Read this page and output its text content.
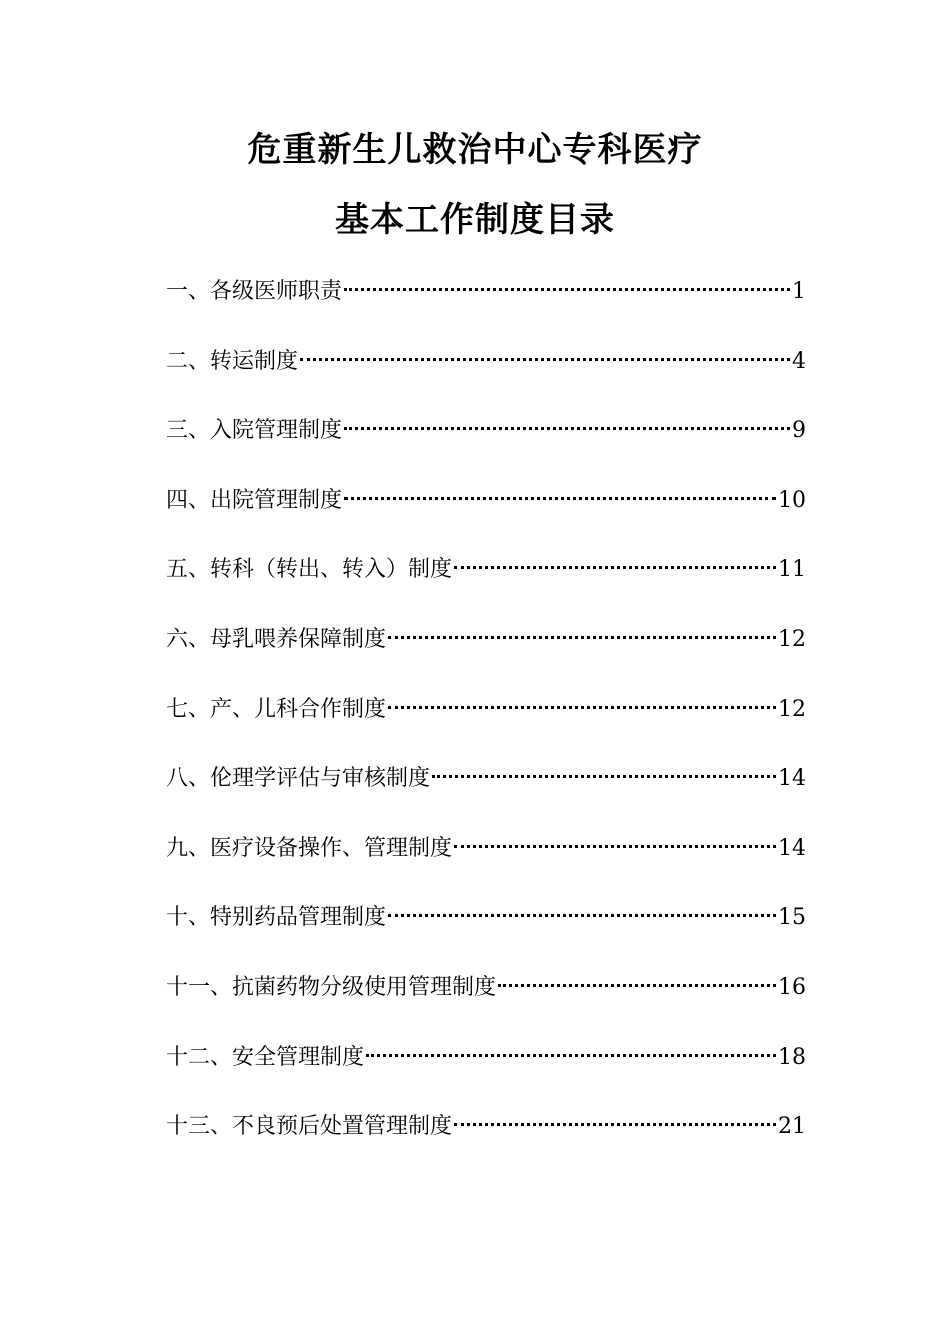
危重新生儿救治中心专科医疗
基本工作制度目录
一、各级医师职责	1
二、转运制度	4
三、入院管理制度	9
四、出院管理制度	10
五、转科（转出、转入）制度	11
六、母乳喂养保障制度	12
七、产、儿科合作制度	12
八、伦理学评估与审核制度	14
九、医疗设备操作、管理制度	14
十、特别药品管理制度	15
十一、抗菌药物分级使用管理制度	16
十二、安全管理制度	18
十三、不良预后处置管理制度	21
